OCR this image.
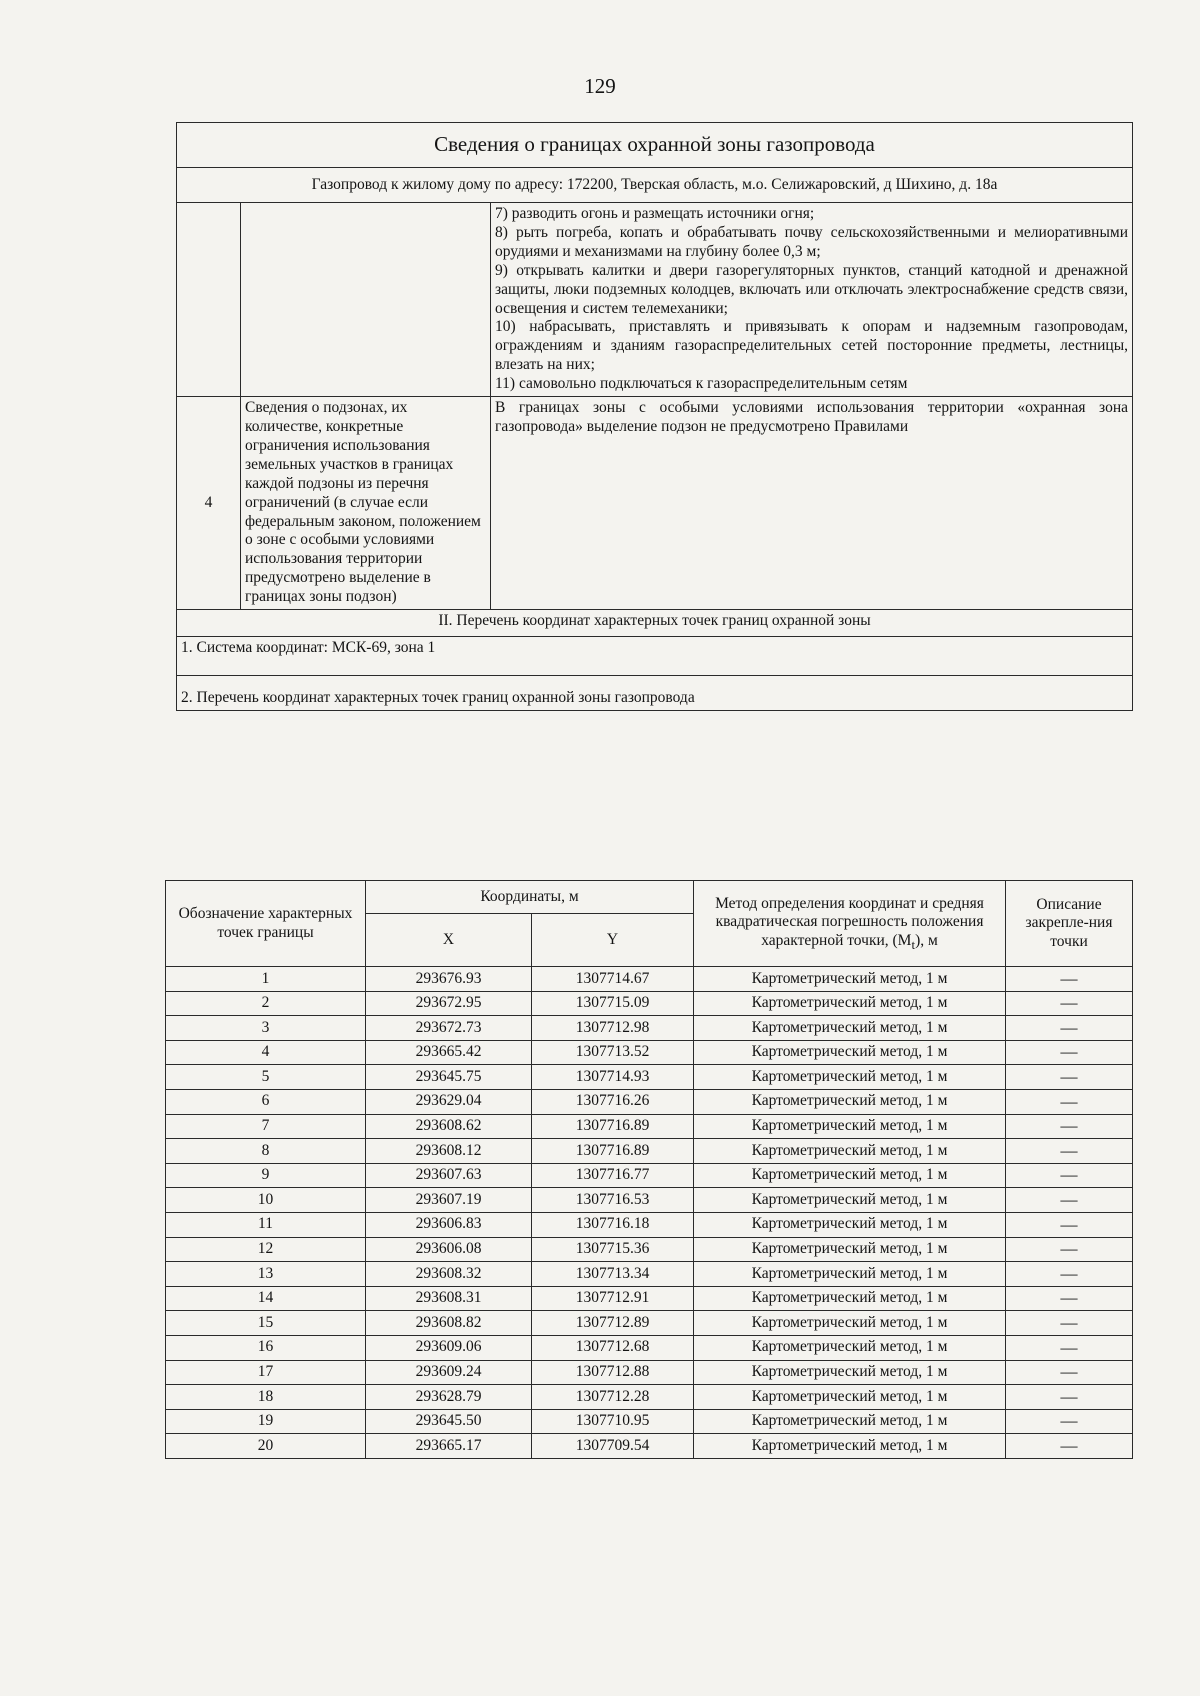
129
Сведения о границах охранной зоны газопровода		
Газопровод к жилому дому по адресу: 172200, Тверская область, м.о. Селижаровский, д Шихино, д. 18а		

		7) разводить огонь и размещать источники огня;
8) рыть погреба, копать и обрабатывать почву сельскохозяйственными и мелиоративными орудиями и механизмами на глубину более 0,3 м;
9) открывать калитки и двери газорегуляторных пунктов, станций катодной и дренажной защиты, люки подземных колодцев, включать или отключать электроснабжение средств связи, освещения и систем телемеханики;
10) набрасывать, приставлять и привязывать к опорам и надземным газопроводам, ограждениям и зданиям газораспределительных сетей посторонние предметы, лестницы, влезать на них;
11) самовольно подключаться к газораспределительным сетям

4	Сведения о подзонах, их количестве, конкретные ограничения использования земельных участков в границах каждой подзоны из перечня ограничений (в случае если федеральным законом, положением о зоне с особыми условиями использования территории предусмотрено выделение в границах зоны подзон)	В границах зоны с особыми условиями использования территории «охранная зона газопровода» выделение подзон не предусмотрено Правилами
II. Перечень координат характерных точек границ охранной зоны		
1. Система координат: МСК-69, зона 1		
2. Перечень координат характерных точек границ охранной зоны газопровода		
Обозначение характерных точек границы	Координаты, м		Метод определения координат и средняя квадратическая погрешность положения характерной точки, $(M_t)$, м	Описание закрепле-ния точки
	X	Y		
1	293676.93	1307714.67	Картометрический метод, 1 м	—
2	293672.95	1307715.09	Картометрический метод, 1 м	—
3	293672.73	1307712.98	Картометрический метод, 1 м	—
4	293665.42	1307713.52	Картометрический метод, 1 м	—
5	293645.75	1307714.93	Картометрический метод, 1 м	—
6	293629.04	1307716.26	Картометрический метод, 1 м	—
7	293608.62	1307716.89	Картометрический метод, 1 м	—
8	293608.12	1307716.89	Картометрический метод, 1 м	—
9	293607.63	1307716.77	Картометрический метод, 1 м	—
10	293607.19	1307716.53	Картометрический метод, 1 м	—
11	293606.83	1307716.18	Картометрический метод, 1 м	—
12	293606.08	1307715.36	Картометрический метод, 1 м	—
13	293608.32	1307713.34	Картометрический метод, 1 м	—
14	293608.31	1307712.91	Картометрический метод, 1 м	—
15	293608.82	1307712.89	Картометрический метод, 1 м	—
16	293609.06	1307712.68	Картометрический метод, 1 м	—
17	293609.24	1307712.88	Картометрический метод, 1 м	—
18	293628.79	1307712.28	Картометрический метод, 1 м	—
19	293645.50	1307710.95	Картометрический метод, 1 м	—
20	293665.17	1307709.54	Картометрический метод, 1 м	—
